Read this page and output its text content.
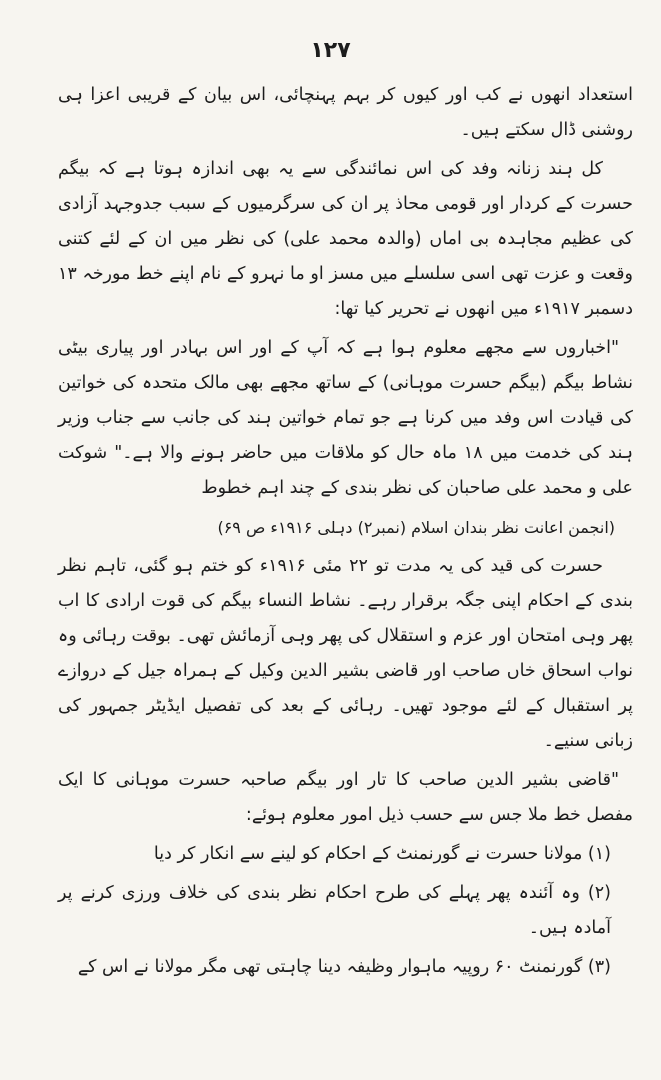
۱۲۷

استعداد انھوں نے کب اور کیوں کر بہم پہنچائی، اس بیان کے قریبی اعزا ہی روشنی ڈال سکتے ہیں۔

کل ہند زنانہ وفد کی اس نمائندگی سے یہ بھی اندازہ ہوتا ہے کہ بیگم حسرت کے کردار اور قومی محاذ پر ان کی سرگرمیوں کے سبب جدوجہد آزادی کی عظیم مجاہدہ بی اماں (والدہ محمد علی) کی نظر میں ان کے لئے کتنی وقعت و عزت تھی اسی سلسلے میں مسز او ما نہرو کے نام اپنے خط مورخہ ۱۳ دسمبر ۱۹۱۷ء میں انھوں نے تحریر کیا تھا:

"اخباروں سے مجھے معلوم ہوا ہے کہ آپ کے اور اس بہادر اور پیاری بیٹی نشاط بیگم (بیگم حسرت موہانی) کے ساتھ مجھے بھی مالک متحدہ کی خواتین کی قیادت اس وفد میں کرنا ہے جو تمام خواتین ہند کی جانب سے جناب وزیر ہند کی خدمت میں ۱۸ ماہ حال کو ملاقات میں حاضر ہونے والا ہے۔" شوکت علی و محمد علی صاحبان کی نظر بندی کے چند اہم خطوط

(انجمن اعانت نظر بندان اسلام (نمبر۲) دہلی ۱۹۱۶ء ص ۶۹)

حسرت کی قید کی یہ مدت تو ۲۲ مئی ۱۹۱۶ء کو ختم ہو گئی، تاہم نظر بندی کے احکام اپنی جگہ برقرار رہے۔ نشاط النساء بیگم کی قوت ارادی کا اب پھر وہی امتحان اور عزم و استقلال کی پھر وہی آزمائش تھی۔ بوقت رہائی وہ نواب اسحاق خاں صاحب اور قاضی بشیر الدین وکیل کے ہمراہ جیل کے دروازے پر استقبال کے لئے موجود تھیں۔ رہائی کے بعد کی تفصیل ایڈیٹر جمہور کی زبانی سنیے۔

"قاضی بشیر الدین صاحب کا تار اور بیگم صاحبہ حسرت موہانی کا ایک مفصل خط ملا جس سے حسب ذیل امور معلوم ہوئے:

(۱) مولانا حسرت نے گورنمنٹ کے احکام کو لینے سے انکار کر دیا

(۲) وہ آئندہ پھر پہلے کی طرح احکام نظر بندی کی خلاف ورزی کرنے پر آمادہ ہیں۔

(۳) گورنمنٹ ۶۰ روپیہ ماہوار وظیفہ دینا چاہتی تھی مگر مولانا نے اس کے
